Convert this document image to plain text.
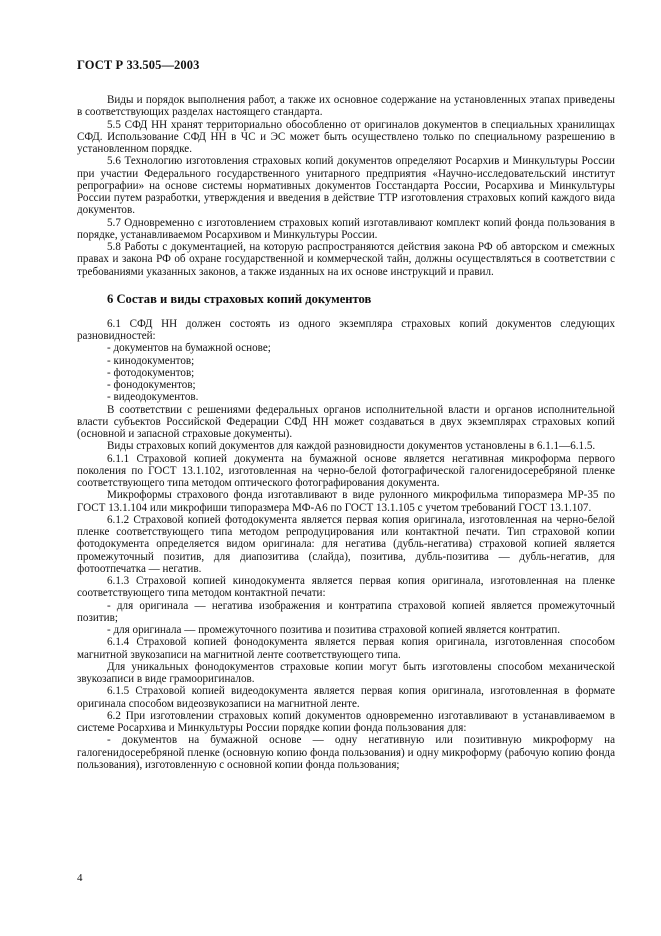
ГОСТ Р 33.505—2003

Виды и порядок выполнения работ, а также их основное содержание на установленных этапах приведены в соответствующих разделах настоящего стандарта.

5.5 СФД НН хранят территориально обособленно от оригиналов документов в специальных хранилищах СФД. Использование СФД НН в ЧС и ЭС может быть осуществлено только по специальному разрешению в установленном порядке.

5.6 Технологию изготовления страховых копий документов определяют Росархив и Минкультуры России при участии Федерального государственного унитарного предприятия «Научно-исследовательский институт репрографии» на основе системы нормативных документов Госстандарта России, Росархива и Минкультуры России путем разработки, утверждения и введения в действие ТТР изготовления страховых копий каждого вида документов.

5.7 Одновременно с изготовлением страховых копий изготавливают комплект копий фонда пользования в порядке, устанавливаемом Росархивом и Минкультуры России.

5.8 Работы с документацией, на которую распространяются действия закона РФ об авторском и смежных правах и закона РФ об охране государственной и коммерческой тайн, должны осуществляться в соответствии с требованиями указанных законов, а также изданных на их основе инструкций и правил.

6 Состав и виды страховых копий документов

6.1 СФД НН должен состоять из одного экземпляра страховых копий документов следующих разновидностей:

- документов на бумажной основе;

- кинодокументов;

- фотодокументов;

- фонодокументов;

- видеодокументов.

В соответствии с решениями федеральных органов исполнительной власти и органов исполнительной власти субъектов Российской Федерации СФД НН может создаваться в двух экземплярах страховых копий (основной и запасной страховые документы).

Виды страховых копий документов для каждой разновидности документов установлены в 6.1.1—6.1.5.

6.1.1 Страховой копией документа на бумажной основе является негативная микроформа первого поколения по ГОСТ 13.1.102, изготовленная на черно-белой фотографической галогенидосеребряной пленке соответствующего типа методом оптического фотографирования документа.

Микроформы страхового фонда изготавливают в виде рулонного микрофильма типоразмера МР-35 по ГОСТ 13.1.104 или микрофиши типоразмера МФ-А6 по ГОСТ 13.1.105 с учетом требований ГОСТ 13.1.107.

6.1.2 Страховой копией фотодокумента является первая копия оригинала, изготовленная на черно-белой пленке соответствующего типа методом репродуцирования или контактной печати. Тип страховой копии фотодокумента определяется видом оригинала: для негатива (дубль-негатива) страховой копией является промежуточный позитив, для диапозитива (слайда), позитива, дубль-позитива — дубль-негатив, для фотоотпечатка — негатив.

6.1.3 Страховой копией кинодокумента является первая копия оригинала, изготовленная на пленке соответствующего типа методом контактной печати:

- для оригинала — негатива изображения и контратипа страховой копией является промежуточный позитив;

- для оригинала — промежуточного позитива и позитива страховой копией является контратип.

6.1.4 Страховой копией фонодокумента является первая копия оригинала, изготовленная способом магнитной звукозаписи на магнитной ленте соответствующего типа.

Для уникальных фонодокументов страховые копии могут быть изготовлены способом механической звукозаписи в виде грамооригиналов.

6.1.5 Страховой копией видеодокумента является первая копия оригинала, изготовленная в формате оригинала способом видеозвукозаписи на магнитной ленте.

6.2 При изготовлении страховых копий документов одновременно изготавливают в устанавливаемом в системе Росархива и Минкультуры России порядке копии фонда пользования для:

- документов на бумажной основе — одну негативную или позитивную микроформу на галогенидосеребряной пленке (основную копию фонда пользования) и одну микроформу (рабочую копию фонда пользования), изготовленную с основной копии фонда пользования;

4
